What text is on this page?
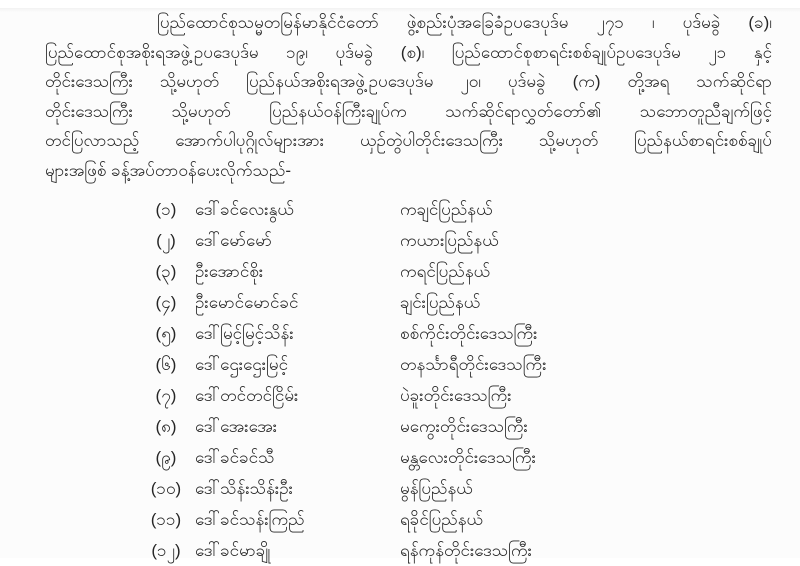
ပြည်ထောင်စုသမ္မတမြန်မာနိုင်ငံတော် ဖွဲ့စည်းပုံအခြေခံဥပဒေပုဒ်မ ၂၇၁ ၊ ပုဒ်မခွဲ (ခ)၊
ပြည်ထောင်စုအစိုးရအဖွဲ့ဥပဒေပုဒ်မ ၁၉၊ ပုဒ်မခွဲ (စ)၊ ပြည်ထောင်စုစာရင်းစစ်ချုပ်ဥပဒေပုဒ်မ ၂၁ နှင့်
တိုင်းဒေသကြီး သို့မဟုတ် ပြည်နယ်အစိုးရအဖွဲ့ဥပဒေပုဒ်မ ၂၀၊ ပုဒ်မခွဲ (က) တို့အရ သက်ဆိုင်ရာ
တိုင်းဒေသကြီး သို့မဟုတ် ပြည်နယ်ဝန်ကြီးချုပ်က သက်ဆိုင်ရာလွှတ်တော်၏ သဘောတူညီချက်ဖြင့်
တင်ပြလာသည့် အောက်ပါပုဂ္ဂိုလ်များအား ယှဉ်တွဲပါတိုင်းဒေသကြီး သို့မဟုတ် ပြည်နယ်စာရင်းစစ်ချုပ်
များအဖြစ် ခန့်အပ်တာဝန်ပေးလိုက်သည်-
(၁)	ဒေါ်ခင်လေးနွယ်	ကချင်ပြည်နယ်
(၂)	ဒေါ်မော်မော်	ကယားပြည်နယ်
(၃)	ဦးအောင်စိုး	ကရင်ပြည်နယ်
(၄)	ဦးမောင်မောင်ခင်	ချင်းပြည်နယ်
(၅)	ဒေါ်မြင့်မြင့်သိန်း	စစ်ကိုင်းတိုင်းဒေသကြီး
(၆)	ဒေါ်ဌေးဌေးမြင့်	တနင်္သာရီတိုင်းဒေသကြီး
(၇)	ဒေါ်တင်တင်ငြိမ်း	ပဲခူးတိုင်းဒေသကြီး
(၈)	ဒေါ်အေးအေး	မကွေးတိုင်းဒေသကြီး
(၉)	ဒေါ်ခင်ခင်သီ	မန္တလေးတိုင်းဒေသကြီး
(၁၀) ဒေါ်သိန်းသိန်းဦး	မွန်ပြည်နယ်
(၁၁) ဒေါ်ခင်သန်းကြည်	ရခိုင်ပြည်နယ်
(၁၂) ဒေါ်ခင်မာချို	ရန်ကုန်တိုင်းဒေသကြီး
